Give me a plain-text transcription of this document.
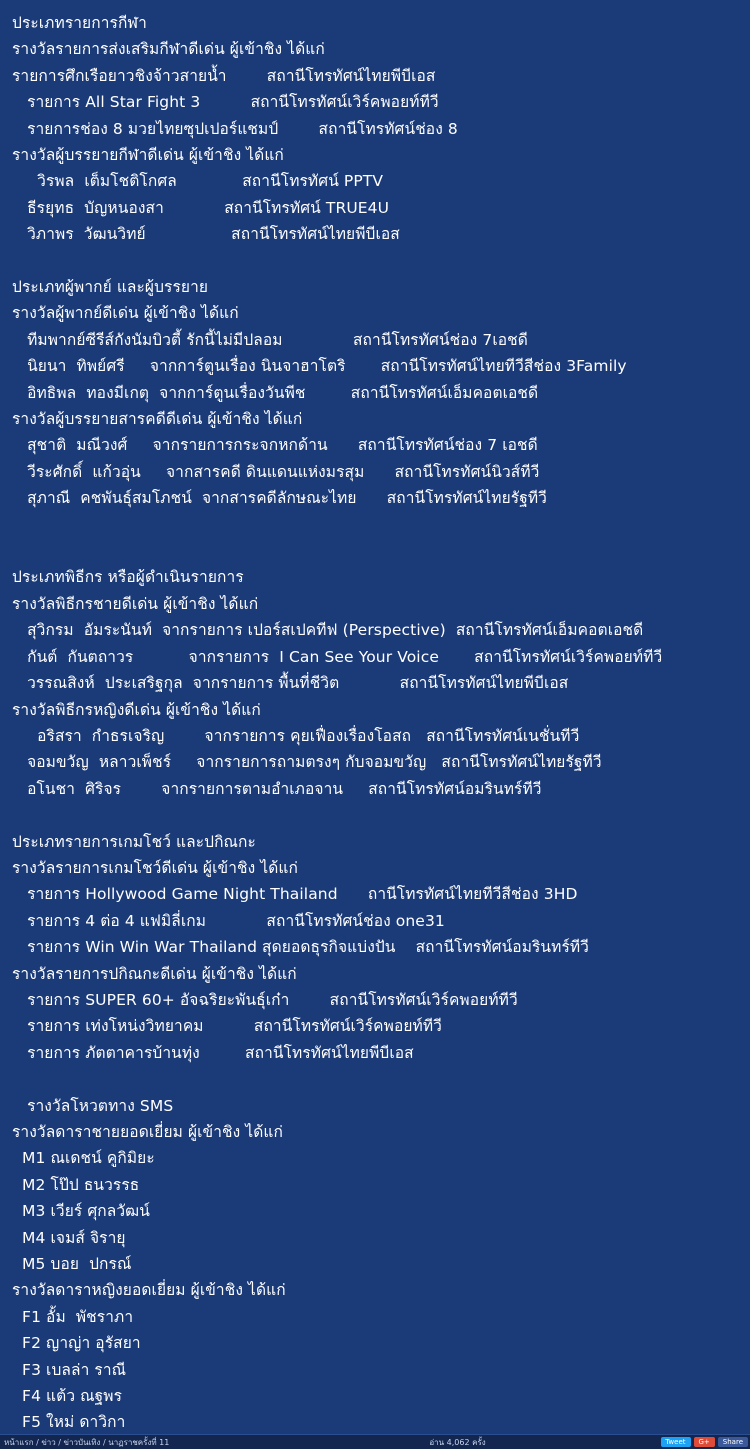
ประเภทรายการกีฬา
รางวัลรายการส่งเสริมกีฬาดีเด่น ผู้เข้าชิง ได้แก่
รายการศึกเรือยาวชิงจ้าวสายน้ำ        สถานีโทรทัศน์ไทยพีบีเอส
รายการ All Star Fight 3          สถานีโทรทัศน์เวิร์คพอยท์ทีวี
รายการช่อง 8 มวยไทยซุปเปอร์แชมป์        สถานีโทรทัศน์ช่อง 8
รางวัลผู้บรรยายกีฬาดีเด่น ผู้เข้าชิง ได้แก่
วิรพล  เต็มโชติโกศล             สถานีโทรทัศน์ PPTV
ธีรยุทธ  บัญหนองสา            สถานีโทรทัศน์ TRUE4U
วิภาพร  วัฒนวิทย์                 สถานีโทรทัศน์ไทยพีบีเอส
ประเภทผู้พากย์ และผู้บรรยาย
รางวัลผู้พากย์ดีเด่น ผู้เข้าชิง ได้แก่
ทีมพากย์ซีรีส์กังนัมบิวตี้ รักนี้ไม่มีปลอม              สถานีโทรทัศน์ช่อง 7เอชดี
นิยนา  ทิพย์ศรี     จากการ์ตูนเรื่อง นินจาฮาโตริ       สถานีโทรทัศน์ไทยทีวีสีช่อง 3Family
อิทธิพล  ทองมีเกตุ  จากการ์ตูนเรื่องวันพีช         สถานีโทรทัศน์เอ็มคอตเอชดี
รางวัลผู้บรรยายสารคดีดีเด่น ผู้เข้าชิง ได้แก่
สุชาติ  มณีวงศ์     จากรายการกระจกหกด้าน      สถานีโทรทัศน์ช่อง 7 เอชดี
วีระศักดิ์  แก้วอุ่น     จากสารคดี ดินแดนแห่งมรสุม      สถานีโทรทัศน์นิวส์ทีวี
สุภาณี  คชพันธุ์สมโภชน์  จากสารคดีลักษณะไทย      สถานีโทรทัศน์ไทยรัฐทีวี
ประเภทพิธีกร หรือผู้ดำเนินรายการ
รางวัลพิธีกรชายดีเด่น ผู้เข้าชิง ได้แก่
สุวิกรม  อัมระนันท์  จากรายการ เปอร์สเปคทีฟ (Perspective)  สถานีโทรทัศน์เอ็มคอตเอชดี
กันต์  กันตถาวร           จากรายการ  I Can See Your Voice       สถานีโทรทัศน์เวิร์คพอยท์ทีวี
วรรณสิงห์  ประเสริฐกุล  จากรายการ พื้นที่ชีวิต            สถานีโทรทัศน์ไทยพีบีเอส
รางวัลพิธีกรหญิงดีเด่น ผู้เข้าชิง ได้แก่
อริสรา  กำธรเจริญ        จากรายการ คุยเฟื่องเรื่องโอสถ   สถานีโทรทัศน์เนชั่นทีวี
จอมขวัญ  หลาวเพ็ชร์     จากรายการถามตรงๆ กับจอมขวัญ   สถานีโทรทัศน์ไทยรัฐทีวี
อโนชา  ศิริจร        จากรายการตามอำเภอจาน     สถานีโทรทัศน์อมรินทร์ทีวี
ประเภทรายการเกมโชว์ และปกิณกะ
รางวัลรายการเกมโชว์ดีเด่น ผู้เข้าชิง ได้แก่
รายการ Hollywood Game Night Thailand      ถานีโทรทัศน์ไทยทีวีสีช่อง 3HD
รายการ 4 ต่อ 4 แฟมิลี่เกม            สถานีโทรทัศน์ช่อง one31
รายการ Win Win War Thailand สุดยอดธุรกิจแบ่งปัน    สถานีโทรทัศน์อมรินทร์ทีวี
รางวัลรายการปกิณกะดีเด่น ผู้เข้าชิง ได้แก่
รายการ SUPER 60+ อัจฉริยะพันธุ์เก๋า        สถานีโทรทัศน์เวิร์คพอยท์ทีวี
รายการ เท่งโหน่งวิทยาคม          สถานีโทรทัศน์เวิร์คพอยท์ทีวี
รายการ ภัตตาคารบ้านทุ่ง         สถานีโทรทัศน์ไทยพีบีเอส
รางวัลโหวตทาง SMS
รางวัลดาราชายยอดเยี่ยม ผู้เข้าชิง ได้แก่
M1 ณเดชน์ คูกิมิยะ
M2 โป๊ป ธนวรรธ
M3 เวียร์ ศุกลวัฒน์
M4 เจมส์ จิรายุ
M5 บอย  ปกรณ์
รางวัลดาราหญิงยอดเยี่ยม ผู้เข้าชิง ได้แก่
F1 อั้ม  พัชราภา
F2 ญาญ่า อุรัสยา
F3 เบลล่า ราณี
F4 แต้ว ณฐพร
F5 ใหม่ ดาวิกา
หน้าแรก / ข่าว / ข่าวบันเทิง / นาฏราชครั้งที่ 11	อ่าน 4,062 ครั้ง	Tweet	G+	Share
